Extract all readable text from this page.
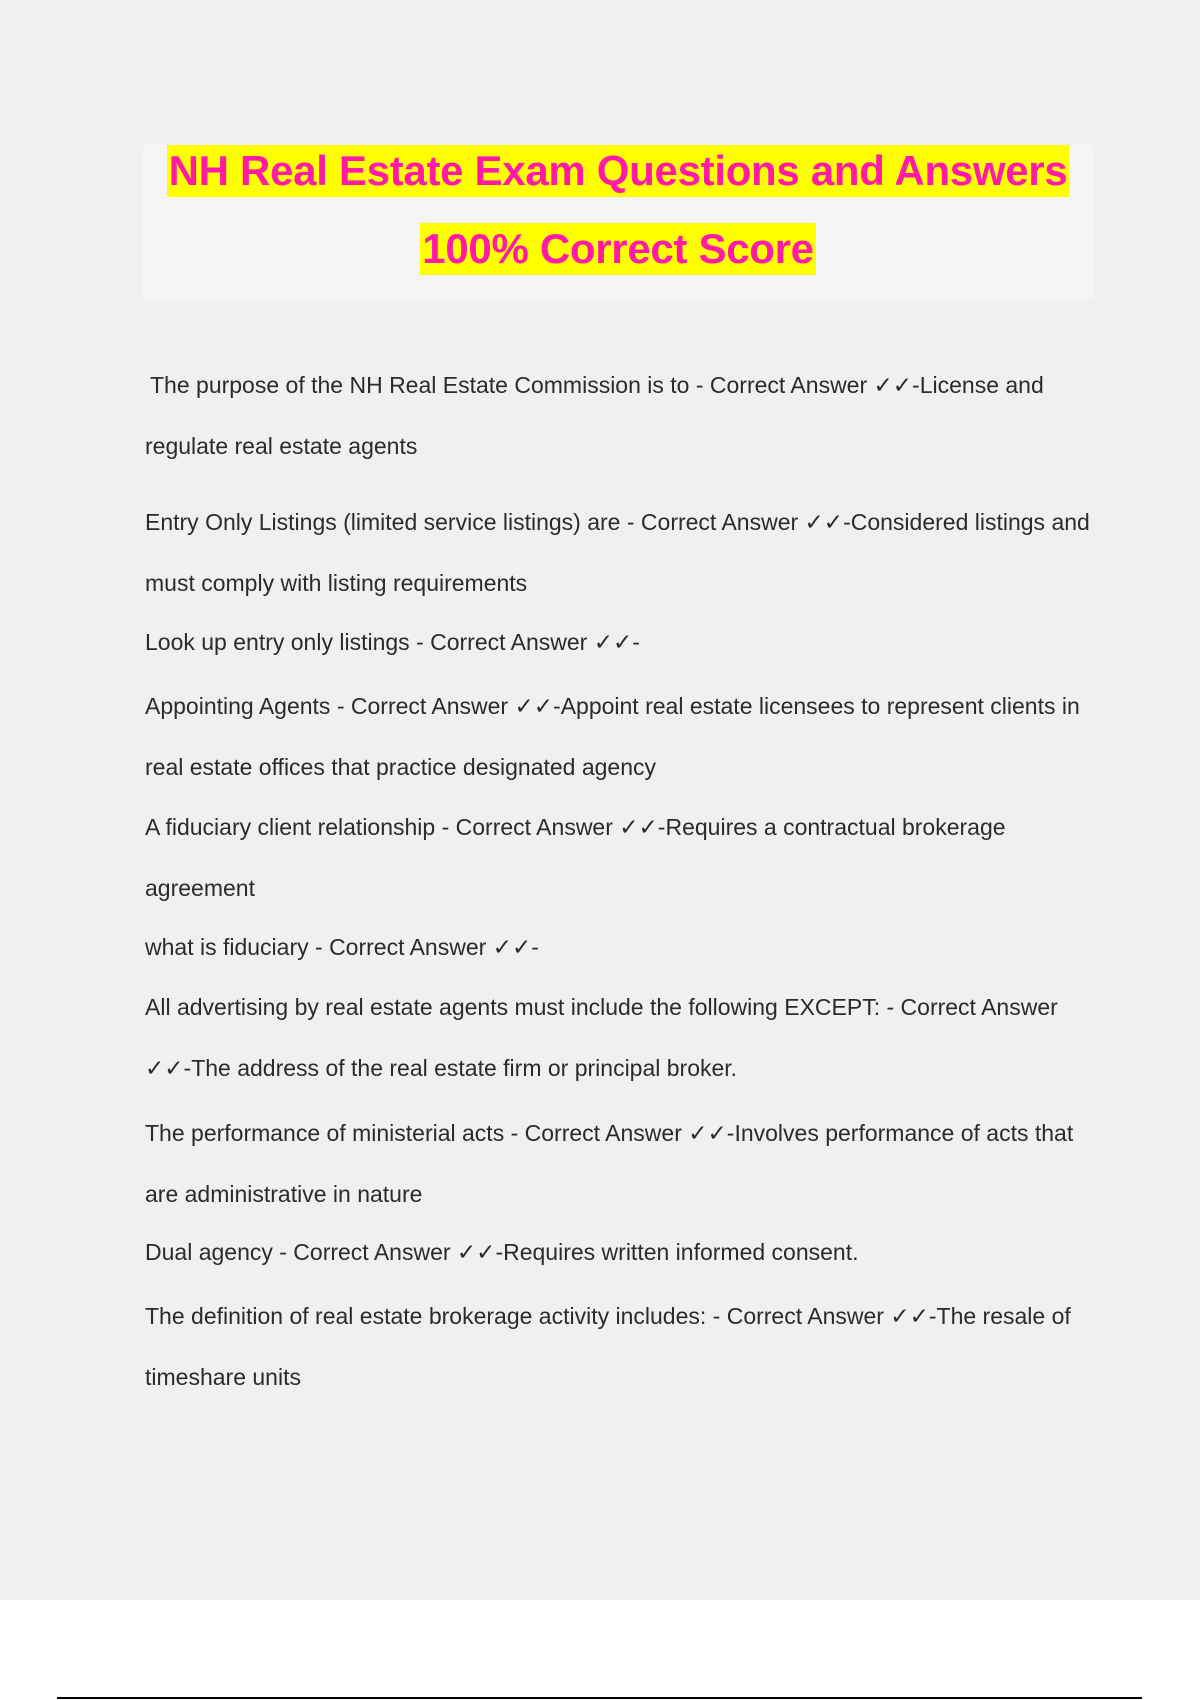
NH Real Estate Exam Questions and Answers
100% Correct Score

The purpose of the NH Real Estate Commission is to - Correct Answer ✓✓-License and regulate real estate agents

Entry Only Listings (limited service listings) are - Correct Answer ✓✓-Considered listings and must comply with listing requirements

Look up entry only listings - Correct Answer ✓✓-

Appointing Agents - Correct Answer ✓✓-Appoint real estate licensees to represent clients in real estate offices that practice designated agency

A fiduciary client relationship - Correct Answer ✓✓-Requires a contractual brokerage agreement

what is fiduciary - Correct Answer ✓✓-

All advertising by real estate agents must include the following EXCEPT: - Correct Answer ✓✓-The address of the real estate firm or principal broker.

The performance of ministerial acts - Correct Answer ✓✓-Involves performance of acts that are administrative in nature

Dual agency - Correct Answer ✓✓-Requires written informed consent.

The definition of real estate brokerage activity includes: - Correct Answer ✓✓-The resale of timeshare units
